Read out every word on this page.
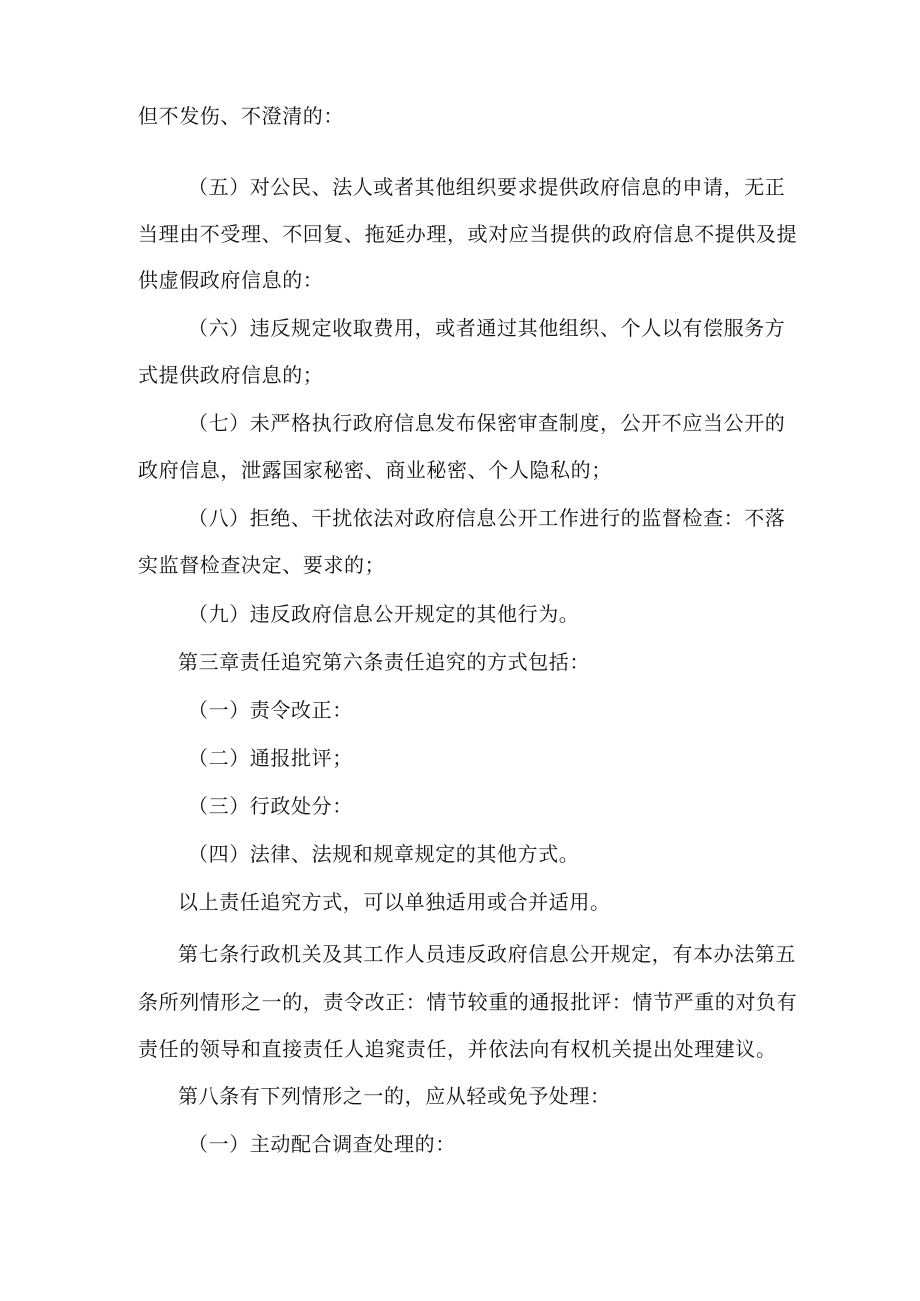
但不发伤、不澄清的：
（五）对公民、法人或者其他组织要求提供政府信息的申请，无正
当理由不受理、不回复、拖延办理，或对应当提供的政府信息不提供及提
供虚假政府信息的：
（六）违反规定收取费用，或者通过其他组织、个人以有偿服务方
式提供政府信息的；
（七）未严格执行政府信息发布保密审查制度，公开不应当公开的
政府信息，泄露国家秘密、商业秘密、个人隐私的；
（八）拒绝、干扰依法对政府信息公开工作进行的监督检查：不落
实监督检查决定、要求的；
（九）违反政府信息公开规定的其他行为。
第三章责任追究第六条责任追究的方式包括：
（一）责令改正：
（二）通报批评；
（三）行政处分：
（四）法律、法规和规章规定的其他方式。
以上责任追究方式，可以单独适用或合并适用。
第七条行政机关及其工作人员违反政府信息公开规定，有本办法第五
条所列情形之一的，责令改正：情节较重的通报批评：情节严重的对负有
责任的领导和直接责任人追窕责任，并依法向有权机关提出处理建议。
第八条有下列情形之一的，应从轻或免予处理：
（一）主动配合调查处理的：
